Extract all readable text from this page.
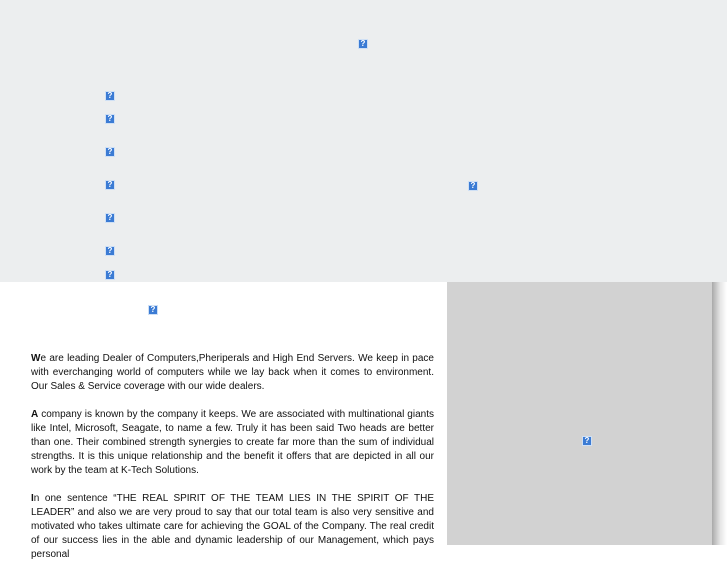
?
?
?
?
?	?
?
?
?
?
?

We are leading Dealer of Computers,Pheriperals and High End Servers. We keep in pace with everchanging world of computers while we lay back when it comes to environment. Our Sales & Service coverage with our wide dealers.

A company is known by the company it keeps. We are associated with multinational giants like Intel, Microsoft, Seagate, to name a few. Truly it has been said Two heads are better than one. Their combined strength synergies to create far more than the sum of individual strengths. It is this unique relationship and the benefit it offers that are depicted in all our work by the team at K-Tech Solutions.

In one sentence “THE REAL SPIRIT OF THE TEAM LIES IN THE SPIRIT OF THE LEADER” and also we are very proud to say that our total team is also very sensitive and motivated who takes ultimate care for achieving the GOAL of the Company. The real credit of our success lies in the able and dynamic leadership of our Management, which pays personal
